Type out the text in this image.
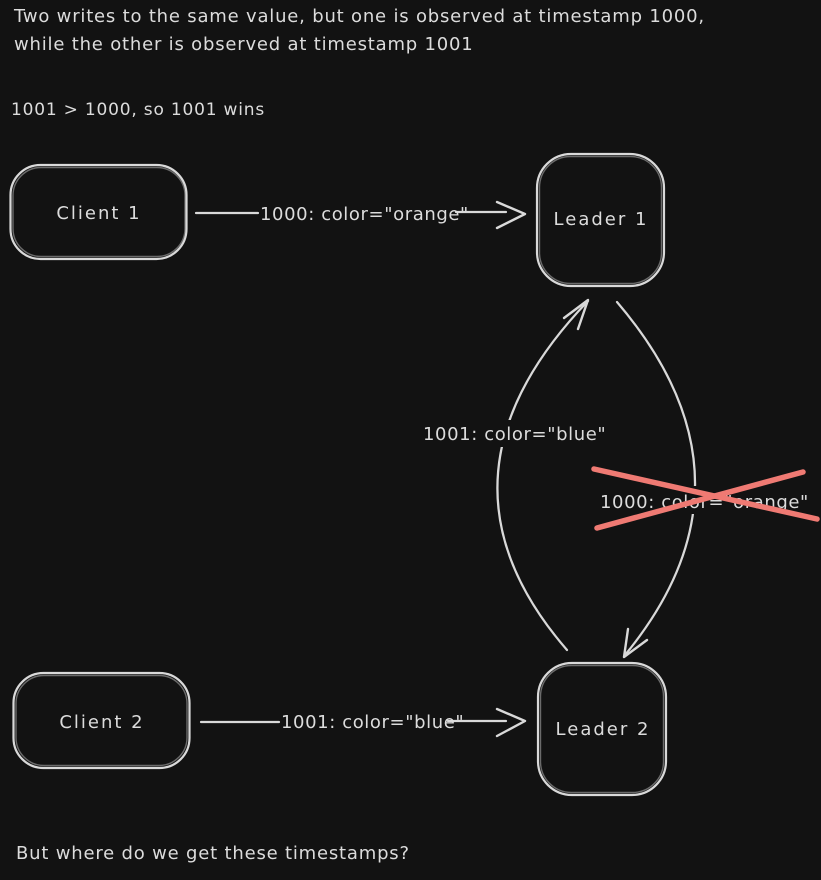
Two writes to the same value, but one is observed at timestamp 1000,
while the other is observed at timestamp 1001
1001 > 1000, so 1001 wins
But where do we get these timestamps?
1001: color="blue"
1000: color="orange"
1000: color="orange"
1001: color="blue"
Client 1	Leader 1
Client 2	Leader 2
